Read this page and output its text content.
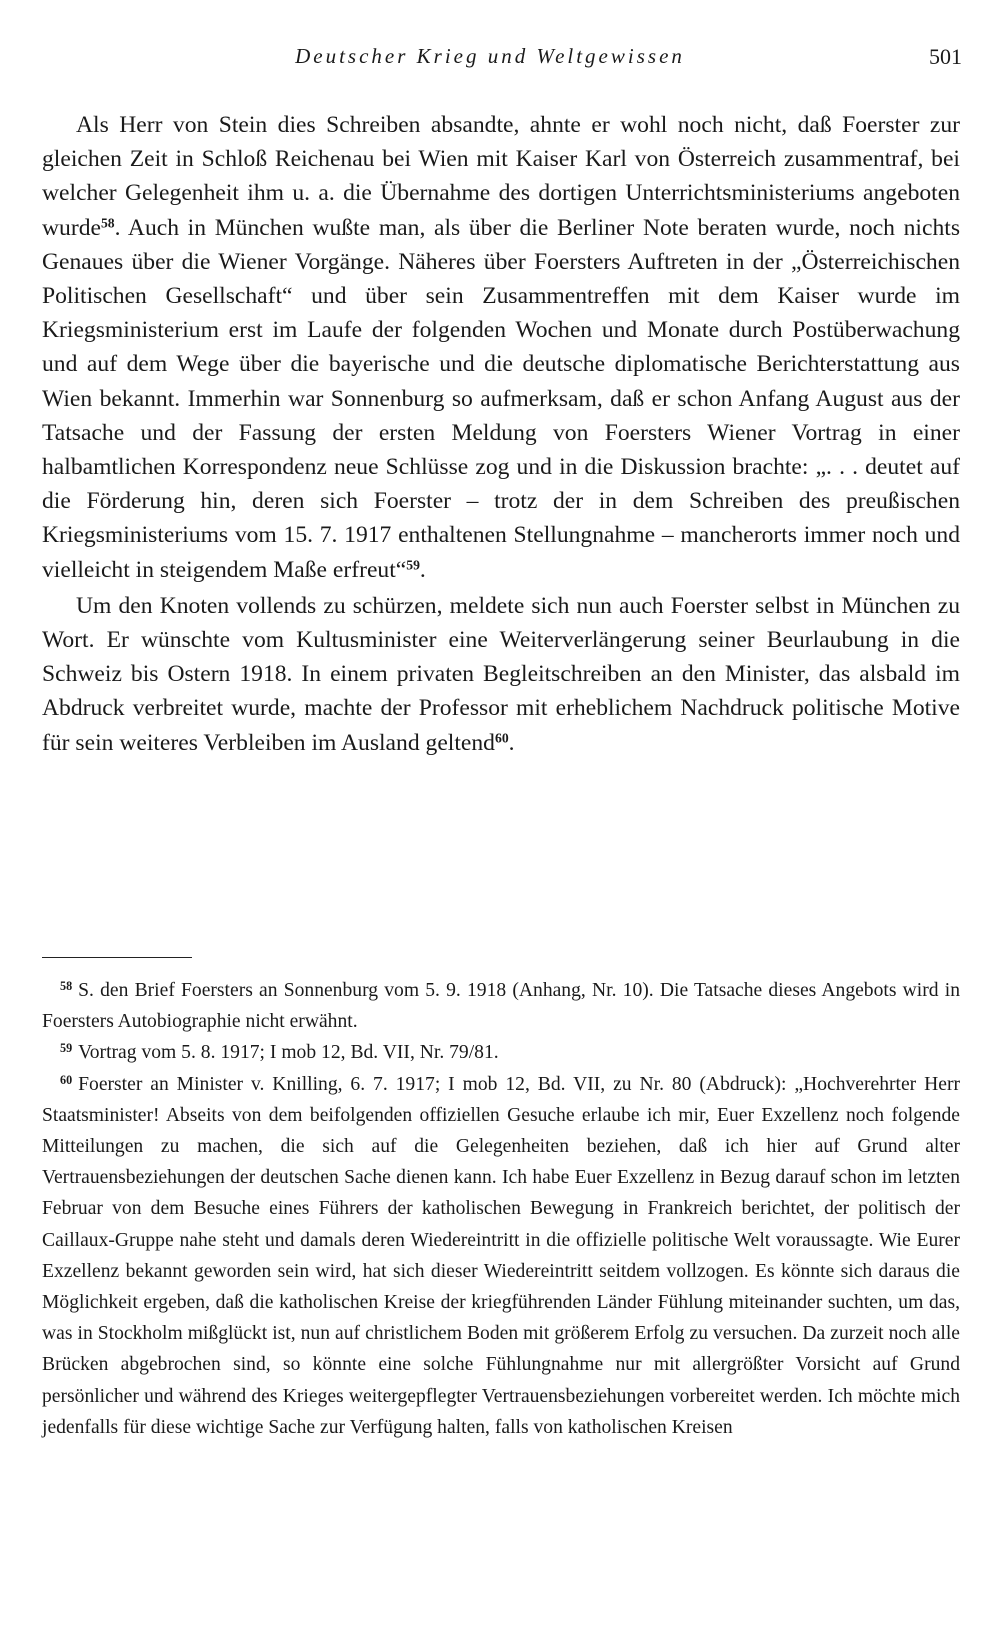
Deutscher Krieg und Weltgewissen	501

Als Herr von Stein dies Schreiben absandte, ahnte er wohl noch nicht, daß Foerster zur gleichen Zeit in Schloß Reichenau bei Wien mit Kaiser Karl von Österreich zusammentraf, bei welcher Gelegenheit ihm u. a. die Übernahme des dortigen Unterrichtsministeriums angeboten wurde$^{58}$. Auch in München wußte man, als über die Berliner Note beraten wurde, noch nichts Genaues über die Wiener Vorgänge. Näheres über Foersters Auftreten in der „Österreichischen Politischen Gesellschaft“ und über sein Zusammentreffen mit dem Kaiser wurde im Kriegsministerium erst im Laufe der folgenden Wochen und Monate durch Postüberwachung und auf dem Wege über die bayerische und die deutsche diplomatische Berichterstattung aus Wien bekannt. Immerhin war Sonnenburg so aufmerksam, daß er schon Anfang August aus der Tatsache und der Fassung der ersten Meldung von Foersters Wiener Vortrag in einer halbamtlichen Korrespondenz neue Schlüsse zog und in die Diskussion brachte: „. . . deutet auf die Förderung hin, deren sich Foerster – trotz der in dem Schreiben des preußischen Kriegsministeriums vom 15. 7. 1917 enthaltenen Stellungnahme – mancherorts immer noch und vielleicht in steigendem Maße erfreut“$^{59}$.

Um den Knoten vollends zu schürzen, meldete sich nun auch Foerster selbst in München zu Wort. Er wünschte vom Kultusminister eine Weiterverlängerung seiner Beurlaubung in die Schweiz bis Ostern 1918. In einem privaten Begleitschreiben an den Minister, das alsbald im Abdruck verbreitet wurde, machte der Professor mit erheblichem Nachdruck politische Motive für sein weiteres Verbleiben im Ausland geltend$^{60}$.

$^{58}$ S. den Brief Foersters an Sonnenburg vom 5. 9. 1918 (Anhang, Nr. 10). Die Tatsache dieses Angebots wird in Foersters Autobiographie nicht erwähnt.

$^{59}$ Vortrag vom 5. 8. 1917; I mob 12, Bd. VII, Nr. 79/81.

$^{60}$ Foerster an Minister v. Knilling, 6. 7. 1917; I mob 12, Bd. VII, zu Nr. 80 (Abdruck): „Hochverehrter Herr Staatsminister! Abseits von dem beifolgenden offiziellen Gesuche erlaube ich mir, Euer Exzellenz noch folgende Mitteilungen zu machen, die sich auf die Gelegenheiten beziehen, daß ich hier auf Grund alter Vertrauensbeziehungen der deutschen Sache dienen kann. Ich habe Euer Exzellenz in Bezug darauf schon im letzten Februar von dem Besuche eines Führers der katholischen Bewegung in Frankreich berichtet, der politisch der Caillaux-Gruppe nahe steht und damals deren Wiedereintritt in die offizielle politische Welt voraussagte. Wie Eurer Exzellenz bekannt geworden sein wird, hat sich dieser Wiedereintritt seitdem vollzogen. Es könnte sich daraus die Möglichkeit ergeben, daß die katholischen Kreise der kriegführenden Länder Fühlung miteinander suchten, um das, was in Stockholm mißglückt ist, nun auf christlichem Boden mit größerem Erfolg zu versuchen. Da zurzeit noch alle Brücken abgebrochen sind, so könnte eine solche Fühlungnahme nur mit allergrößter Vorsicht auf Grund persönlicher und während des Krieges weitergepflegter Vertrauensbeziehungen vorbereitet werden. Ich möchte mich jedenfalls für diese wichtige Sache zur Verfügung halten, falls von katholischen Kreisen
